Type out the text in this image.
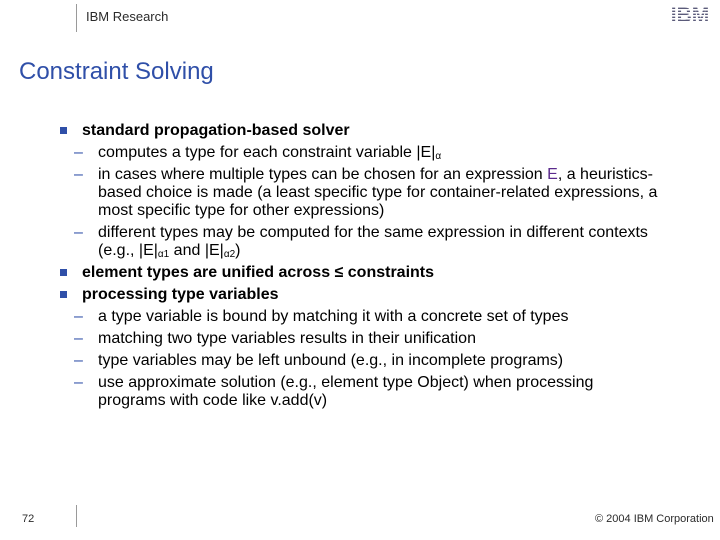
IBM Research
Constraint Solving
standard propagation-based solver
– computes a type for each constraint variable $|E|_\alpha$
– in cases where multiple types can be chosen for an expression E, a heuristics-based choice is made (a least specific type for container-related expressions, a most specific type for other expressions)
– different types may be computed for the same expression in different contexts (e.g., $|E|_{\alpha 1}$ and $|E|_{\alpha 2}$)
element types are unified across ≤ constraints
processing type variables
– a type variable is bound by matching it with a concrete set of types
– matching two type variables results in their unification
– type variables may be left unbound (e.g., in incomplete programs)
– use approximate solution (e.g., element type Object) when processing programs with code like v.add(v)
72	© 2004 IBM Corporation
